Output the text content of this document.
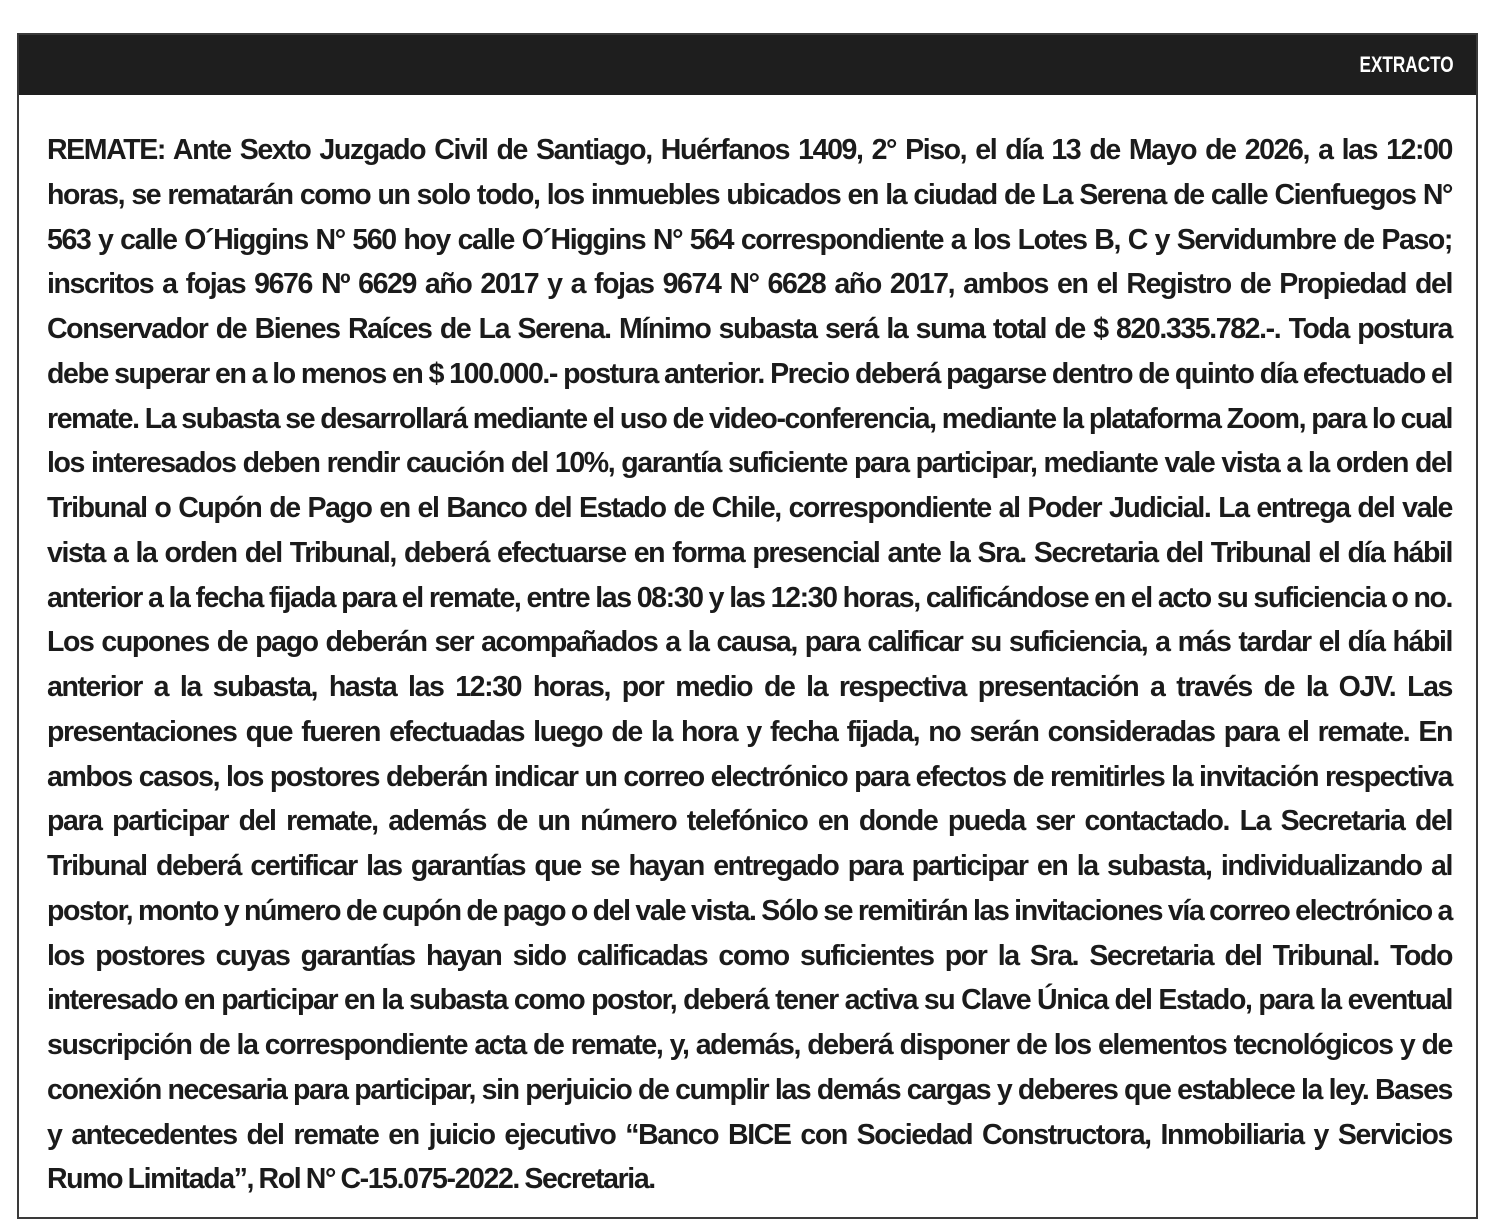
EXTRACTO

REMATE: Ante Sexto Juzgado Civil de Santiago, Huérfanos 1409, 2° Piso, el día 13 de Mayo de 2026, a las 12:00 horas, se rematarán como un solo todo, los inmuebles ubicados en la ciudad de La Serena de calle Cienfuegos N° 563 y calle O´Higgins N° 560 hoy calle O´Higgins N° 564 correspondiente a los Lotes B, C y Servidumbre de Paso; inscritos a fojas 9676 Nº 6629 año 2017 y a fojas 9674 N° 6628 año 2017, ambos en el Registro de Propiedad del Conservador de Bienes Raíces de La Serena. Mínimo subasta será la suma total de $ 820.335.782.-. Toda postura debe superar en a lo menos en $ 100.000.- postura anterior. Precio deberá pagarse dentro de quinto día efectuado el remate. La subasta se desarrollará mediante el uso de video-conferencia, mediante la plataforma Zoom, para lo cual los interesados deben rendir caución del 10%, garantía suficiente para participar, mediante vale vista a la orden del Tribunal o Cupón de Pago en el Banco del Estado de Chile, correspondiente al Poder Judicial. La entrega del vale vista a la orden del Tribunal, deberá efectuarse en forma presencial ante la Sra. Secretaria del Tribunal el día hábil anterior a la fecha fijada para el remate, entre las 08:30 y las 12:30 horas, calificándose en el acto su suficiencia o no. Los cupones de pago deberán ser acompañados a la causa, para calificar su suficiencia, a más tardar el día hábil anterior a la subasta, hasta las 12:30 horas, por medio de la respectiva presentación a través de la OJV. Las presentaciones que fueren efectuadas luego de la hora y fecha fijada, no serán consideradas para el remate. En ambos casos, los postores deberán indicar un correo electrónico para efectos de remitirles la invitación respectiva para participar del remate, además de un número telefónico en donde pueda ser contactado. La Secretaria del Tribunal deberá certificar las garantías que se hayan entregado para participar en la subasta, individualizando al postor, monto y número de cupón de pago o del vale vista. Sólo se remitirán las invitaciones vía correo electrónico a los postores cuyas garantías hayan sido calificadas como suficientes por la Sra. Secretaria del Tribunal. Todo interesado en participar en la subasta como postor, deberá tener activa su Clave Única del Estado, para la eventual suscripción de la correspondiente acta de remate, y, además, deberá disponer de los elementos tecnológicos y de conexión necesaria para participar, sin perjuicio de cumplir las demás cargas y deberes que establece la ley. Bases y antecedentes del remate en juicio ejecutivo “Banco BICE con Sociedad Constructora, Inmobiliaria y Servicios Rumo Limitada”, Rol N° C-15.075-2022. Secretaria.
